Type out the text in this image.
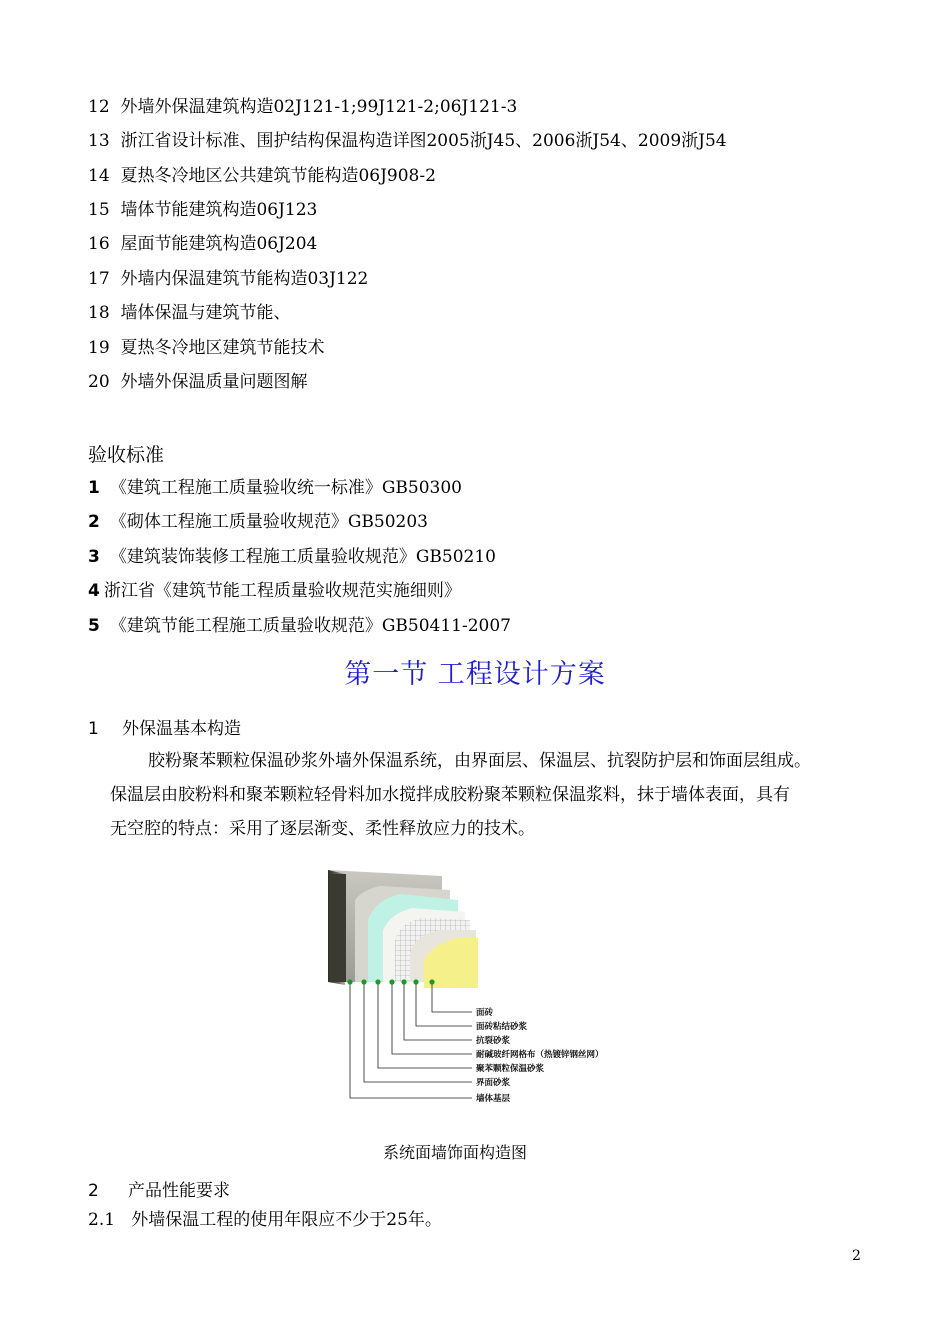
12 外墙外保温建筑构造02J121-1;99J121-2;06J121-3
13 浙江省设计标准、围护结构保温构造详图2005浙J45、2006浙J54、2009浙J54
14 夏热冬冷地区公共建筑节能构造06J908-2
15 墙体节能建筑构造06J123
16 屋面节能建筑构造06J204
17 外墙内保温建筑节能构造03J122
18 墙体保温与建筑节能、
19 夏热冬冷地区建筑节能技术
20 外墙外保温质量问题图解
验收标准
1 《建筑工程施工质量验收统一标准》GB50300
2 《砌体工程施工质量验收规范》GB50203
3 《建筑装饰装修工程施工质量验收规范》GB50210
4 浙江省《建筑节能工程质量验收规范实施细则》
5 《建筑节能工程施工质量验收规范》GB50411-2007
第一节 工程设计方案
1 外保温基本构造
胶粉聚苯颗粒保温砂浆外墙外保温系统，由界面层、保温层、抗裂防护层和饰面层组成。
保温层由胶粉料和聚苯颗粒轻骨料加水搅拌成胶粉聚苯颗粒保温浆料，抹于墙体表面，具有
无空腔的特点：采用了逐层渐变、柔性释放应力的技术。
面砖
面砖粘结砂浆
抗裂砂浆
耐碱玻纤网格布（热镀锌钢丝网）
聚苯颗粒保温砂浆
界面砂浆
墙体基层
系统面墙饰面构造图
2 产品性能要求
2.1 外墙保温工程的使用年限应不少于25年。
2
